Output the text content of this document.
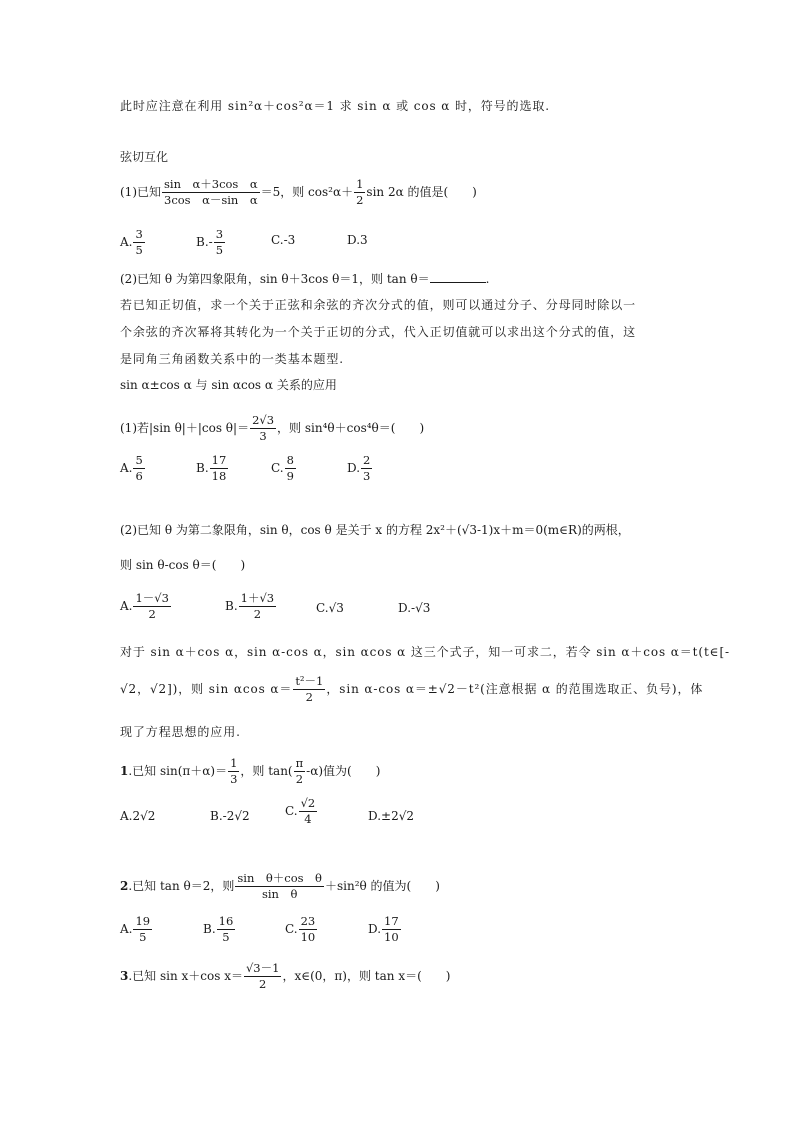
此时应注意在利用 sin²α＋cos²α＝1 求 sin α 或 cos α 时，符号的选取.
弦切互化
(1)已知 $\frac{\text{sin　α＋3cos　α}}{\text{3cos　α－sin　α}} =5$，则 $\cos^2\alpha+ \frac{1}{2}$ sin 2α 的值是(　　)
A. $\frac{3}{5}$	$B.- \frac{3}{5}$	C.-3	D.3
(2)已知 θ 为第四象限角，sin θ＋3cos θ＝1，则 tan θ＝	.
若已知正切值，求一个关于正弦和余弦的齐次分式的值，则可以通过分子、分母同时除以一
个余弦的齐次幂将其转化为一个关于正切的分式，代入正切值就可以求出这个分式的值，这
是同角三角函数关系中的一类基本题型.
sin α±cos α 与 sin αcos α 关系的应用
(1)若|sin θ|＋|cos $\theta|= \frac{2√3}{3}$ ，则 sin⁴θ＋cos⁴θ＝(　　)
A. $\frac{5}{6}$	B. $\frac{17}{18}$	C. $\frac{8}{9}$	D. $\frac{2}{3}$
(2)已知 θ 为第二象限角，sin θ，cos θ 是关于 x 的方程 2x²＋(√3-1)x＋m＝0(m∈R)的两根，
则 sin θ-cos θ＝(　　)
A. $\frac{1-√3}{2}$	B. $\frac{1+√3}{2}$	C.√3	D.-√3
对于 sin α＋cos α，sin α-cos α，sin αcos α 这三个式子，知一可求二，若令 sin α＋cos α＝t(t∈[-
√2，√2])，则 sin αcos $\alpha= \frac{\text{t²－1}}{2}$ ，sin α-cos α＝±√2－t²(注意根据 α 的范围选取正、负号)，体
现了方程思想的应用.
1.已知 $\sin(\pi+\alpha)= \frac{1}{3}$ ，则 $\tan( \frac{\pi}{2} -\alpha)$值为(　　)
A.2√2	B.-2√2	C. $\frac{√2}{4}$	D.±2√2
2.已知 tan θ＝2，则 $\frac{\text{sin　θ＋cos　θ}}{\text{sin　θ}} +\sin^2\theta$ 的值为(　　)
A. $\frac{19}{5}$	B. $\frac{16}{5}$	C. $\frac{23}{10}$	D. $\frac{17}{10}$
3.已知 sin x＋cos $x= \frac{√3-1}{2}$ ，x∈(0，π)，则 tan x＝(　　)
